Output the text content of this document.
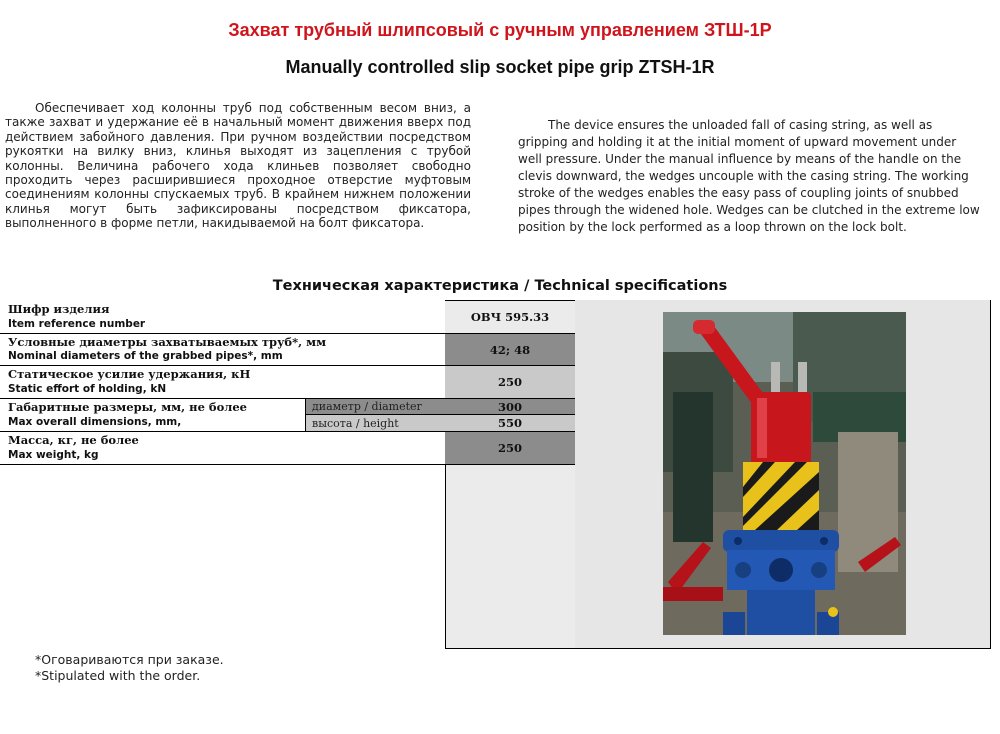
Захват трубный шлипсовый с ручным управлением ЗТШ-1Р
Manually controlled slip socket pipe grip ZTSH-1R
Обеспечивает ход колонны труб под собственным весом вниз, а также захват и удержание её в начальный момент движения вверх под действием забойного давления. При ручном воздействии посредством рукоятки на вилку вниз, клинья выходят из зацепления с трубой колонны. Величина рабочего хода клиньев позволяет свободно проходить через расширившиеся проходное отверстие муфтовым соединениям колонны спускаемых труб. В крайнем нижнем положении клинья могут быть зафиксированы посредством фиксатора, выполненного в форме петли, накидываемой на болт фиксатора.
The device ensures the unloaded fall of casing string, as well as gripping and holding it at the initial moment of upward movement under well pressure. Under the manual influence by means of the handle on the clevis downward, the wedges uncouple with the casing string. The working stroke of the wedges enables the easy pass of coupling joints of snubbed pipes through the widened hole. Wedges can be clutched in the extreme low position by the lock performed as a loop thrown on the lock bolt.
Техническая характеристика / Technical specifications
Шифр изделия
Item reference number	ОВЧ 595.33
Условные диаметры захватываемых труб*, мм
Nominal diameters of the grabbed pipes*, mm	42; 48
Статическое усилие удержания, кН
Static effort of holding, kN	250
Габаритные размеры, мм, не более
Max overall dimensions, mm,
диаметр / diameter	300
высота / height	550
Масса, кг, не более
Max weight, kg	250
*Оговариваются при заказе.
*Stipulated with the order.
